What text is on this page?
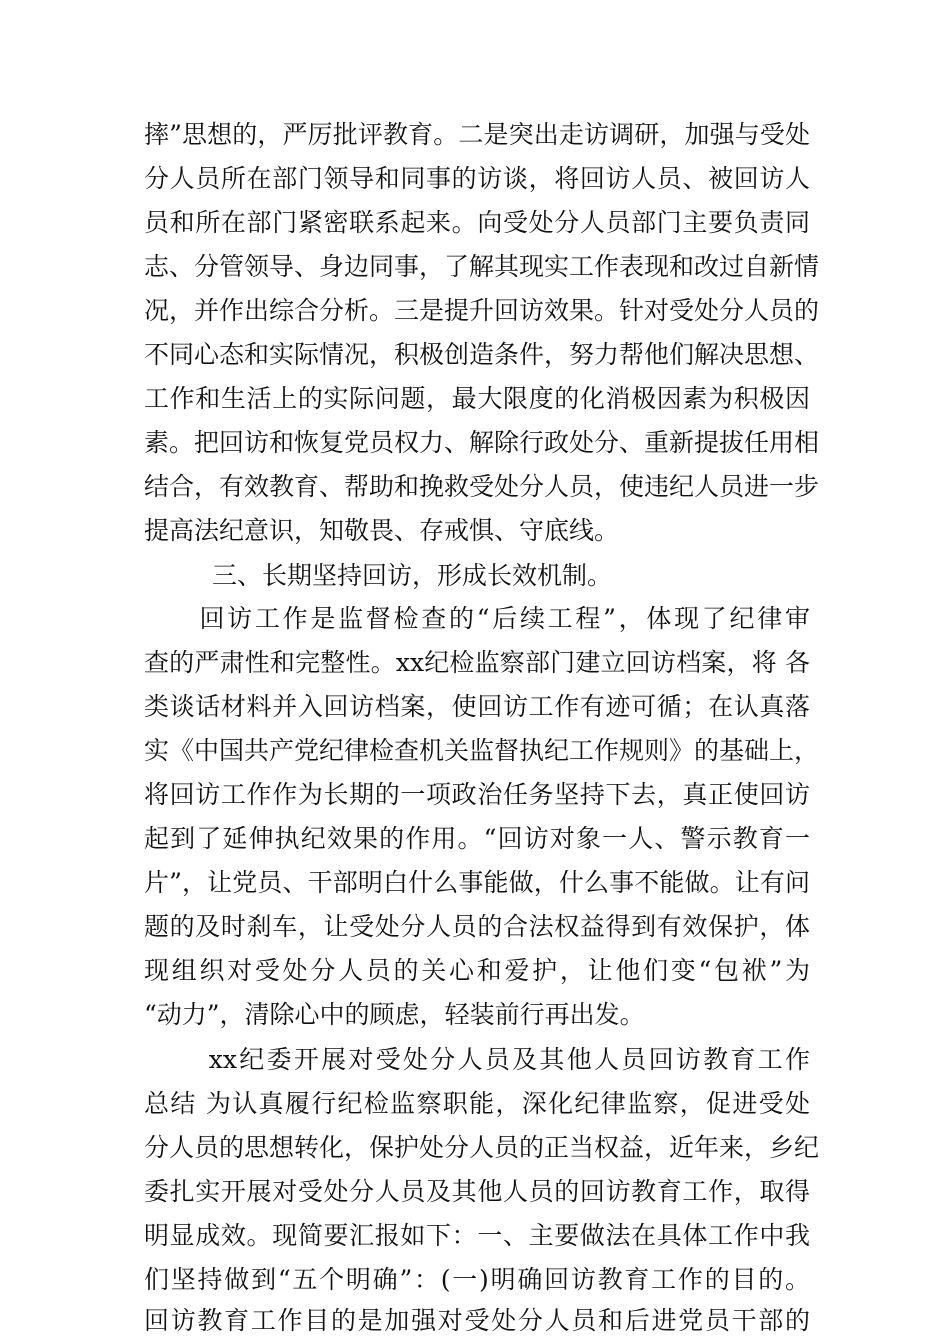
摔”思想的，严厉批评教育。二是突出走访调研，加强与受处
分人员所在部门领导和同事的访谈，将回访人员、被回访人
员和所在部门紧密联系起来。向受处分人员部门主要负责同
志、分管领导、身边同事，了解其现实工作表现和改过自新情
况，并作出综合分析。三是提升回访效果。针对受处分人员的
不同心态和实际情况，积极创造条件，努力帮他们解决思想、
工作和生活上的实际问题，最大限度的化消极因素为积极因
素。把回访和恢复党员权力、解除行政处分、重新提拔任用相
结合，有效教育、帮助和挽救受处分人员，使违纪人员进一步
提高法纪意识，知敬畏、存戒惧、守底线。
三、长期坚持回访，形成长效机制。
　　回访工作是监督检查的“后续工程”，体现了纪律审
查的严肃性和完整性。xx纪检监察部门建立回访档案，将 各
类谈话材料并入回访档案，使回访工作有迹可循；在认真落
实《中国共产党纪律检查机关监督执纪工作规则》的基础上，
将回访工作作为长期的一项政治任务坚持下去，真正使回访
起到了延伸执纪效果的作用。“回访对象一人、警示教育一
片”，让党员、干部明白什么事能做，什么事不能做。让有问
题的及时刹车，让受处分人员的合法权益得到有效保护，体
现组织对受处分人员的关心和爱护，让他们变“包袱”为
“动力”，清除心中的顾虑，轻装前行再出发。
　　 xx纪委开展对受处分人员及其他人员回访教育工作
总结 为认真履行纪检监察职能，深化纪律监察，促进受处
分人员的思想转化，保护处分人员的正当权益，近年来，乡纪
委扎实开展对受处分人员及其他人员的回访教育工作，取得
明显成效。现简要汇报如下：一、主要做法在具体工作中我
们坚持做到“五个明确”：(一)明确回访教育工作的目的。
回访教育工作目的是加强对受处分人员和后进党员干部的
